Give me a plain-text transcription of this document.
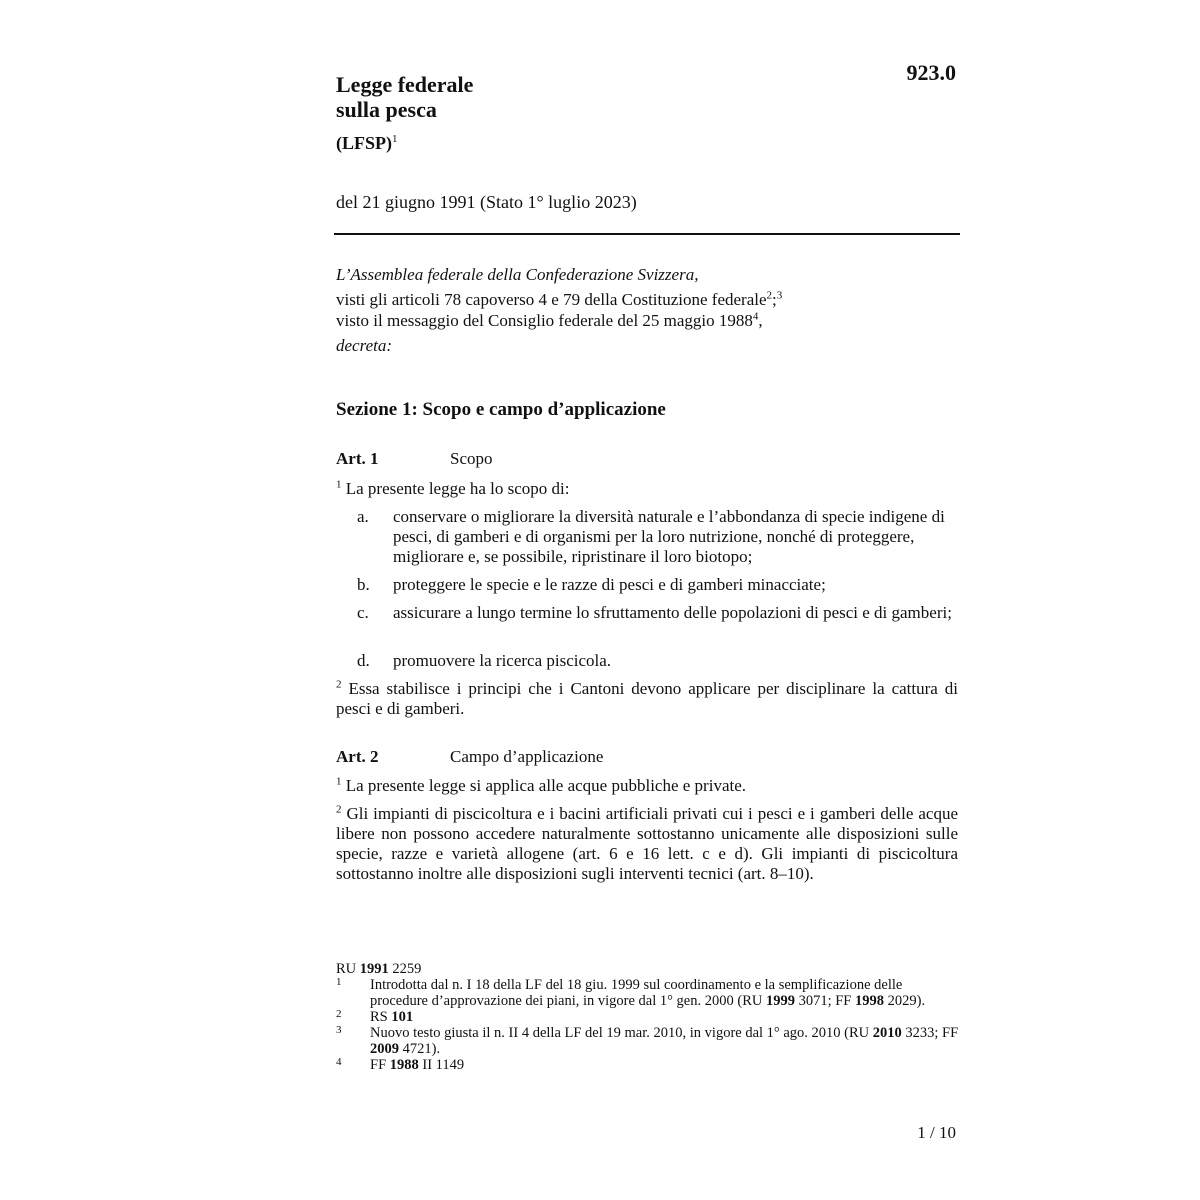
923.0
Legge federale
sulla pesca
(LFSP)$^1$
del 21 giugno 1991 (Stato 1° luglio 2023)
L’Assemblea federale della Confederazione Svizzera,
visti gli articoli 78 capoverso 4 e 79 della Costituzione federale$^2$;$^3$
visto il messaggio del Consiglio federale del 25 maggio 1988$^4$,
decreta:
Sezione 1: Scopo e campo d’applicazione
Art. 1	Scopo
$^1$ La presente legge ha lo scopo di:
a. conservare o migliorare la diversità naturale e l’abbondanza di specie indigene di pesci, di gamberi e di organismi per la loro nutrizione, nonché di proteggere, migliorare e, se possibile, ripristinare il loro biotopo;
b. proteggere le specie e le razze di pesci e di gamberi minacciate;
c. assicurare a lungo termine lo sfruttamento delle popolazioni di pesci e di gamberi;
d. promuovere la ricerca piscicola.
$^2$ Essa stabilisce i principi che i Cantoni devono applicare per disciplinare la cattura di pesci e di gamberi.
Art. 2	Campo d’applicazione
$^1$ La presente legge si applica alle acque pubbliche e private.
$^2$ Gli impianti di piscicoltura e i bacini artificiali privati cui i pesci e i gamberi delle acque libere non possono accedere naturalmente sottostanno unicamente alle disposizioni sulle specie, razze e varietà allogene (art. 6 e 16 lett. c e d). Gli impianti di piscicoltura sottostanno inoltre alle disposizioni sugli interventi tecnici (art. 8–10).
RU 1991 2259
1 Introdotta dal n. I 18 della LF del 18 giu. 1999 sul coordinamento e la semplificazione delle procedure d’approvazione dei piani, in vigore dal 1° gen. 2000 (RU 1999 3071; FF 1998 2029).
2 RS 101
3 Nuovo testo giusta il n. II 4 della LF del 19 mar. 2010, in vigore dal 1° ago. 2010 (RU 2010 3233; FF 2009 4721).
4 FF 1988 II 1149
1 / 10
